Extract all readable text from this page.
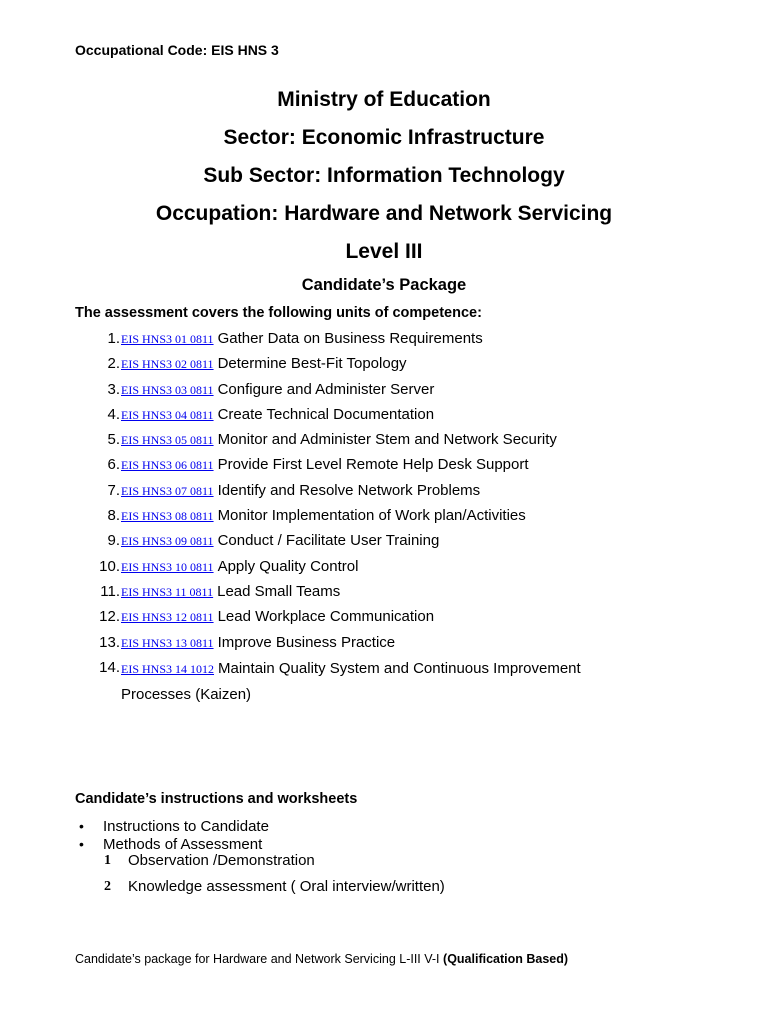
Occupational Code: EIS HNS 3
Ministry of Education
Sector: Economic Infrastructure
Sub Sector: Information Technology
Occupation: Hardware and Network Servicing
Level III
Candidate’s Package
The assessment covers the following units of competence:
1. EIS HNS3 01 0811 Gather Data on Business Requirements
2. EIS HNS3 02 0811 Determine Best-Fit Topology
3. EIS HNS3 03 0811 Configure and Administer Server
4. EIS HNS3 04 0811 Create Technical Documentation
5. EIS HNS3 05 0811 Monitor and Administer Stem and Network Security
6. EIS HNS3 06 0811 Provide First Level Remote Help Desk Support
7. EIS HNS3 07 0811 Identify and Resolve Network Problems
8. EIS HNS3 08 0811 Monitor Implementation of Work plan/Activities
9. EIS HNS3 09 0811 Conduct / Facilitate User Training
10. EIS HNS3 10 0811 Apply Quality Control
11. EIS HNS3 11 0811 Lead Small Teams
12. EIS HNS3 12 0811 Lead Workplace Communication
13. EIS HNS3 13 0811 Improve Business Practice
14. EIS HNS3 14 1012 Maintain Quality System and Continuous Improvement Processes (Kaizen)
Candidate’s instructions and worksheets
• Instructions to Candidate
• Methods of Assessment
1 Observation /Demonstration
2 Knowledge assessment ( Oral interview/written)
Candidate’s package for Hardware and Network Servicing L-III V-I (Qualification Based)
